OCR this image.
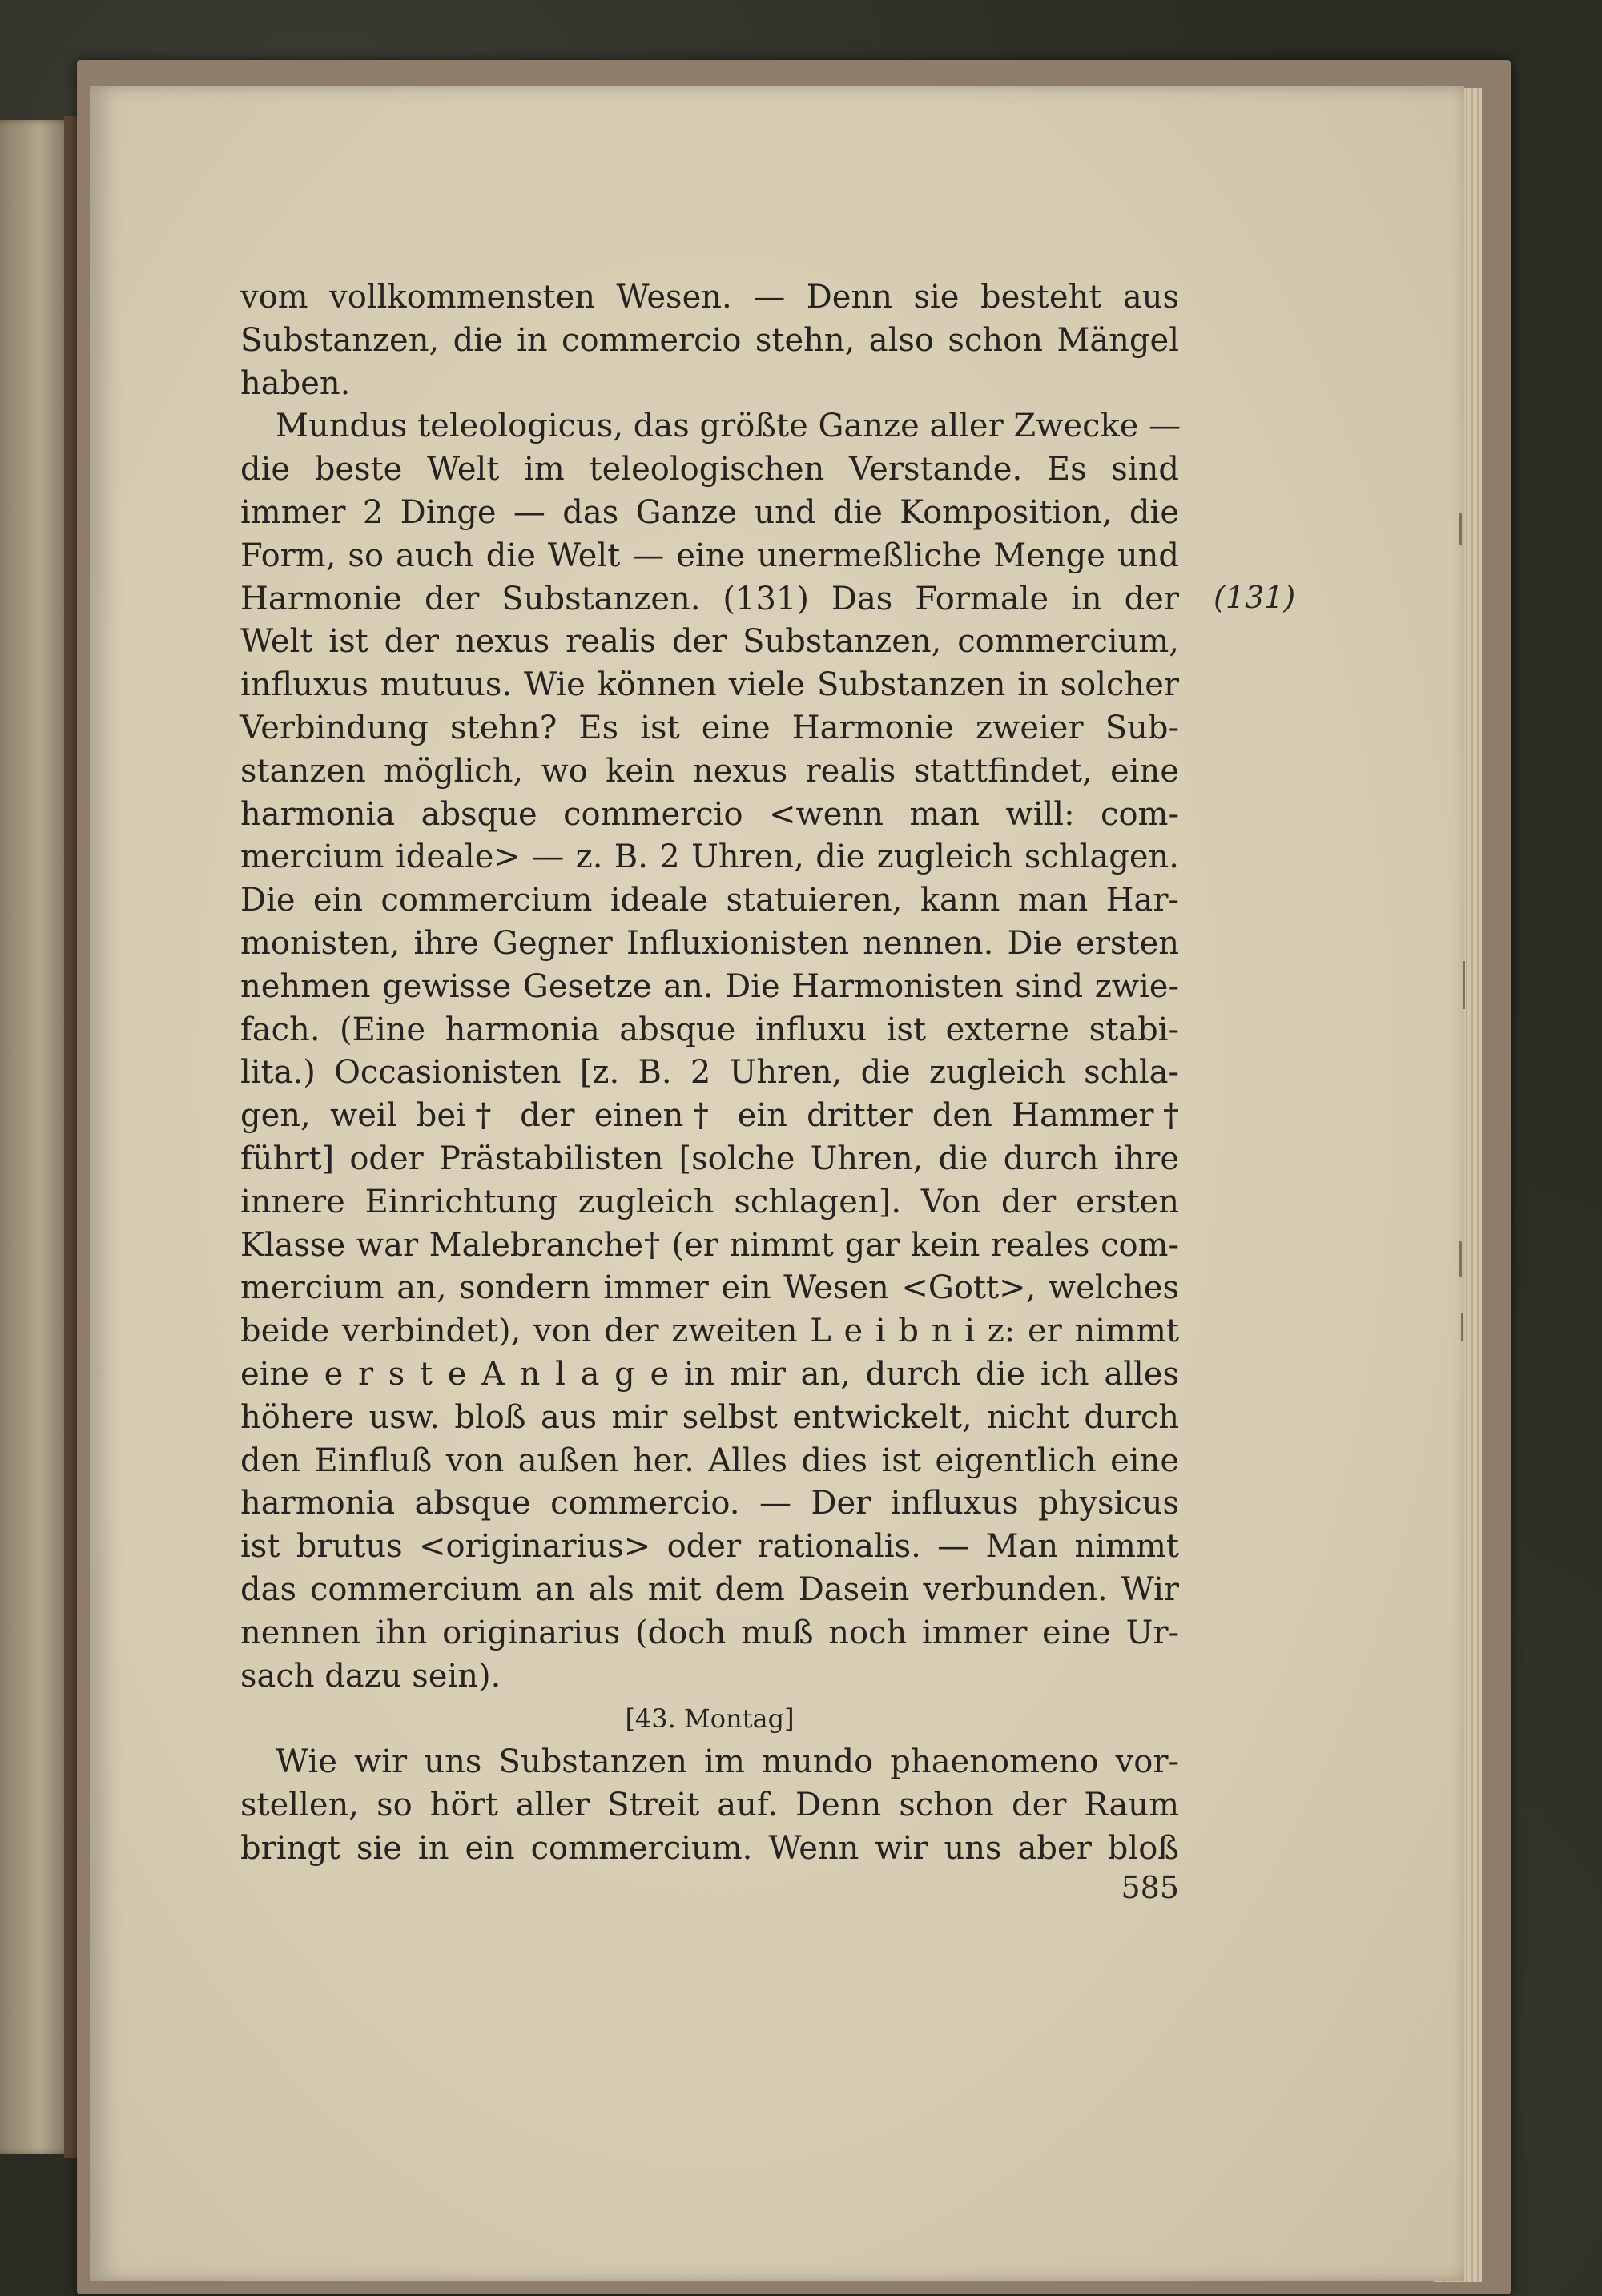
vom vollkommensten Wesen. — Denn sie besteht aus
Substanzen, die in commercio stehn, also schon Mängel
haben.
Mundus teleologicus, das größte Ganze aller Zwecke —
die beste Welt im teleologischen Verstande. Es sind
immer 2 Dinge — das Ganze und die Komposition, die
Form, so auch die Welt — eine unermeßliche Menge und
Harmonie der Substanzen. (131) Das Formale in der
Welt ist der nexus realis der Substanzen, commercium,
influxus mutuus. Wie können viele Substanzen in solcher
Verbindung stehn? Es ist eine Harmonie zweier Sub-
stanzen möglich, wo kein nexus realis stattfindet, eine
harmonia absque commercio <wenn man will: com-
mercium ideale> — z. B. 2 Uhren, die zugleich schlagen.
Die ein commercium ideale statuieren, kann man Har-
monisten, ihre Gegner Influxionisten nennen. Die ersten
nehmen gewisse Gesetze an. Die Harmonisten sind zwie-
fach. (Eine harmonia absque influxu ist externe stabi-
lita.) Occasionisten [z. B. 2 Uhren, die zugleich schla-
gen, weil bei† der einen† ein dritter den Hammer†
führt] oder Prästabilisten [solche Uhren, die durch ihre
innere Einrichtung zugleich schlagen]. Von der ersten
Klasse war Malebranche† (er nimmt gar kein reales com-
mercium an, sondern immer ein Wesen <Gott>, welches
beide verbindet), von der zweiten L e i b n i z: er nimmt
eine e r s t e A n l a g e in mir an, durch die ich alles
höhere usw. bloß aus mir selbst entwickelt, nicht durch
den Einfluß von außen her. Alles dies ist eigentlich eine
harmonia absque commercio. — Der influxus physicus
ist brutus <originarius> oder rationalis. — Man nimmt
das commercium an als mit dem Dasein verbunden. Wir
nennen ihn originarius (doch muß noch immer eine Ur-
sach dazu sein).
[43. Montag]
Wie wir uns Substanzen im mundo phaenomeno vor-
stellen, so hört aller Streit auf. Denn schon der Raum
bringt sie in ein commercium. Wenn wir uns aber bloß
(131)
585
